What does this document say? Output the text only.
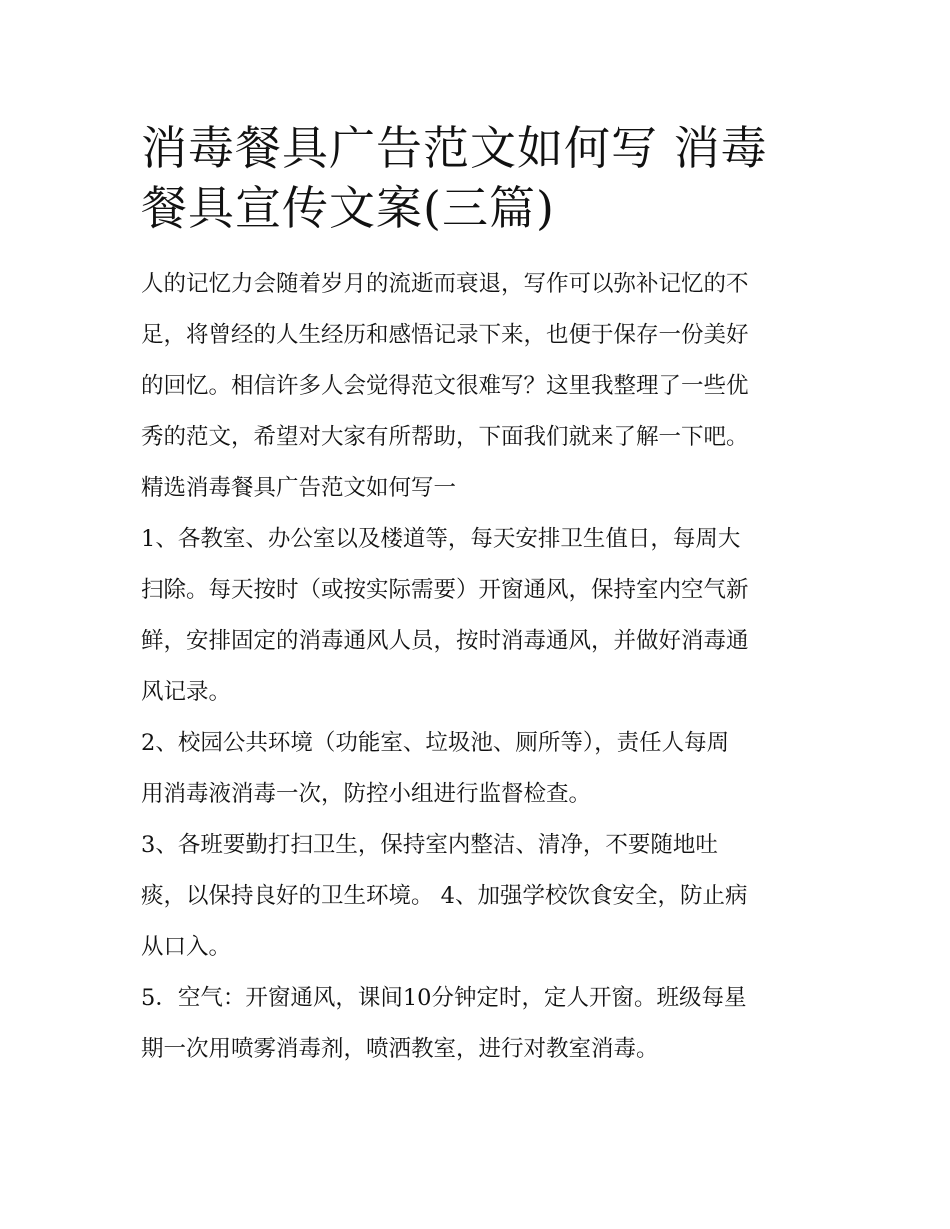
消毒餐具广告范文如何写 消毒
餐具宣传文案(三篇)
人的记忆力会随着岁月的流逝而衰退，写作可以弥补记忆的不
足，将曾经的人生经历和感悟记录下来，也便于保存一份美好
的回忆。相信许多人会觉得范文很难写？这里我整理了一些优
秀的范文，希望对大家有所帮助，下面我们就来了解一下吧。
精选消毒餐具广告范文如何写一
1、各教室、办公室以及楼道等，每天安排卫生值日，每周大
扫除。每天按时（或按实际需要）开窗通风，保持室内空气新
鲜，安排固定的消毒通风人员，按时消毒通风，并做好消毒通
风记录。
2、校园公共环境（功能室、垃圾池、厕所等），责任人每周
用消毒液消毒一次，防控小组进行监督检查。
3、各班要勤打扫卫生，保持室内整洁、清净，不要随地吐
痰，以保持良好的卫生环境。 4、加强学校饮食安全，防止病
从口入。
5．空气：开窗通风，课间10分钟定时，定人开窗。班级每星
期一次用喷雾消毒剂，喷洒教室，进行对教室消毒。
